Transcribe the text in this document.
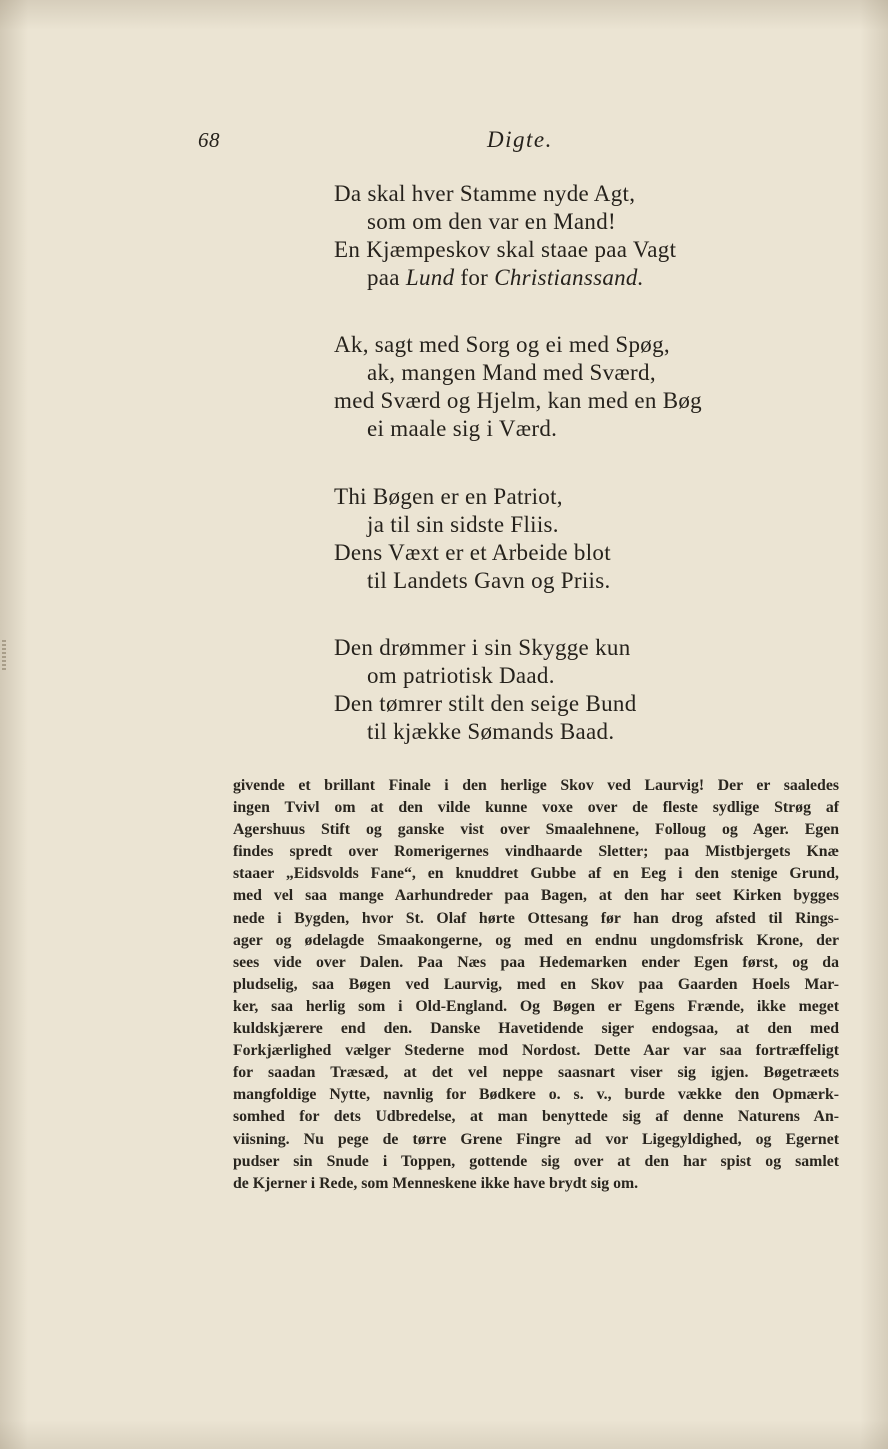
68	Digte.
Da skal hver Stamme nyde Agt,
som om den var en Mand!
En Kjæmpeskov skal staae paa Vagt
paa Lund for Christianssand.
Ak, sagt med Sorg og ei med Spøg,
ak, mangen Mand med Sværd,
med Sværd og Hjelm, kan med en Bøg
ei maale sig i Værd.
Thi Bøgen er en Patriot,
ja til sin sidste Fliis.
Dens Væxt er et Arbeide blot
til Landets Gavn og Priis.
Den drømmer i sin Skygge kun
om patriotisk Daad.
Den tømrer stilt den seige Bund
til kjække Sømands Baad.
givende et brillant Finale i den herlige Skov ved Laurvig! Der er saaledes
ingen Tvivl om at den vilde kunne voxe over de fleste sydlige Strøg af
Agershuus Stift og ganske vist over Smaalehnene, Folloug og Ager. Egen
findes spredt over Romerigernes vindhaarde Sletter; paa Mistbjergets Knæ
staaer „Eidsvolds Fane“, en knuddret Gubbe af en Eeg i den stenige Grund,
med vel saa mange Aarhundreder paa Bagen, at den har seet Kirken bygges
nede i Bygden, hvor St. Olaf hørte Ottesang før han drog afsted til Rings-
ager og ødelagde Smaakongerne, og med en endnu ungdomsfrisk Krone, der
sees vide over Dalen. Paa Næs paa Hedemarken ender Egen først, og da
pludselig, saa Bøgen ved Laurvig, med en Skov paa Gaarden Hoels Mar-
ker, saa herlig som i Old-England. Og Bøgen er Egens Frænde, ikke meget
kuldskjærere end den. Danske Havetidende siger endogsaa, at den med
Forkjærlighed vælger Stederne mod Nordost. Dette Aar var saa fortræffeligt
for saadan Træsæd, at det vel neppe saasnart viser sig igjen. Bøgetræets
mangfoldige Nytte, navnlig for Bødkere o. s. v., burde vække den Opmærk-
somhed for dets Udbredelse, at man benyttede sig af denne Naturens An-
viisning. Nu pege de tørre Grene Fingre ad vor Ligegyldighed, og Egernet
pudser sin Snude i Toppen, gottende sig over at den har spist og samlet
de Kjerner i Rede, som Menneskene ikke have brydt sig om.
